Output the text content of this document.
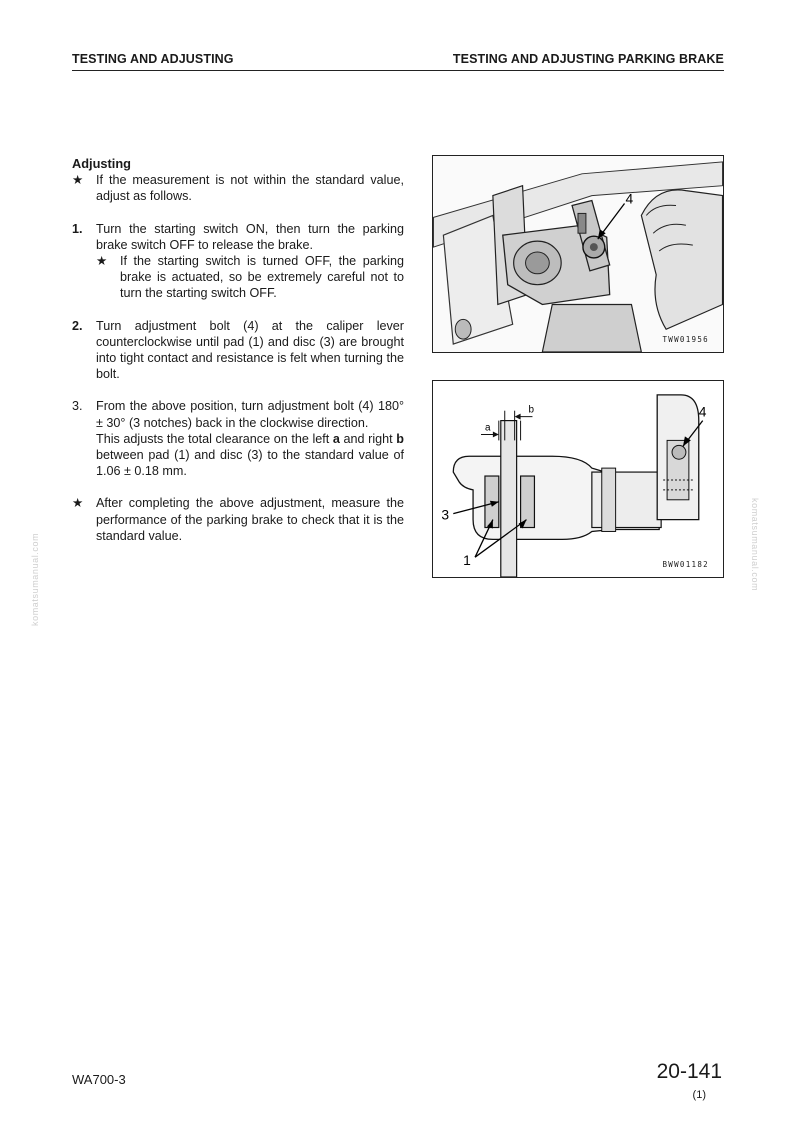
TESTING AND ADJUSTING	TESTING AND ADJUSTING PARKING BRAKE

Adjusting

★	If the measurement is not within the standard value, adjust as follows.
1.	Turn the starting switch ON, then turn the parking brake switch OFF to release the brake.
★	If the starting switch is turned OFF, the parking brake is actuated, so be extremely careful not to turn the starting switch OFF.
2.	Turn adjustment bolt (4) at the caliper lever counterclockwise until pad (1) and disc (3) are brought into tight contact and resistance is felt when turning the bolt.
3.	From the above position, turn adjustment bolt (4) 180° ± 30° (3 notches) back in the clockwise direction.
This adjusts the total clearance on the left a and right b between pad (1) and disc (3) to the standard value of 1.06 ± 0.18 mm.
★	After completing the above adjustment, measure the performance of the parking brake to check that it is the standard value.
4
TWW01956
a
b	4
3
1	BWW01182
komatsumanual.com	komatsumanual.com
WA700-3	20-141
(1)
